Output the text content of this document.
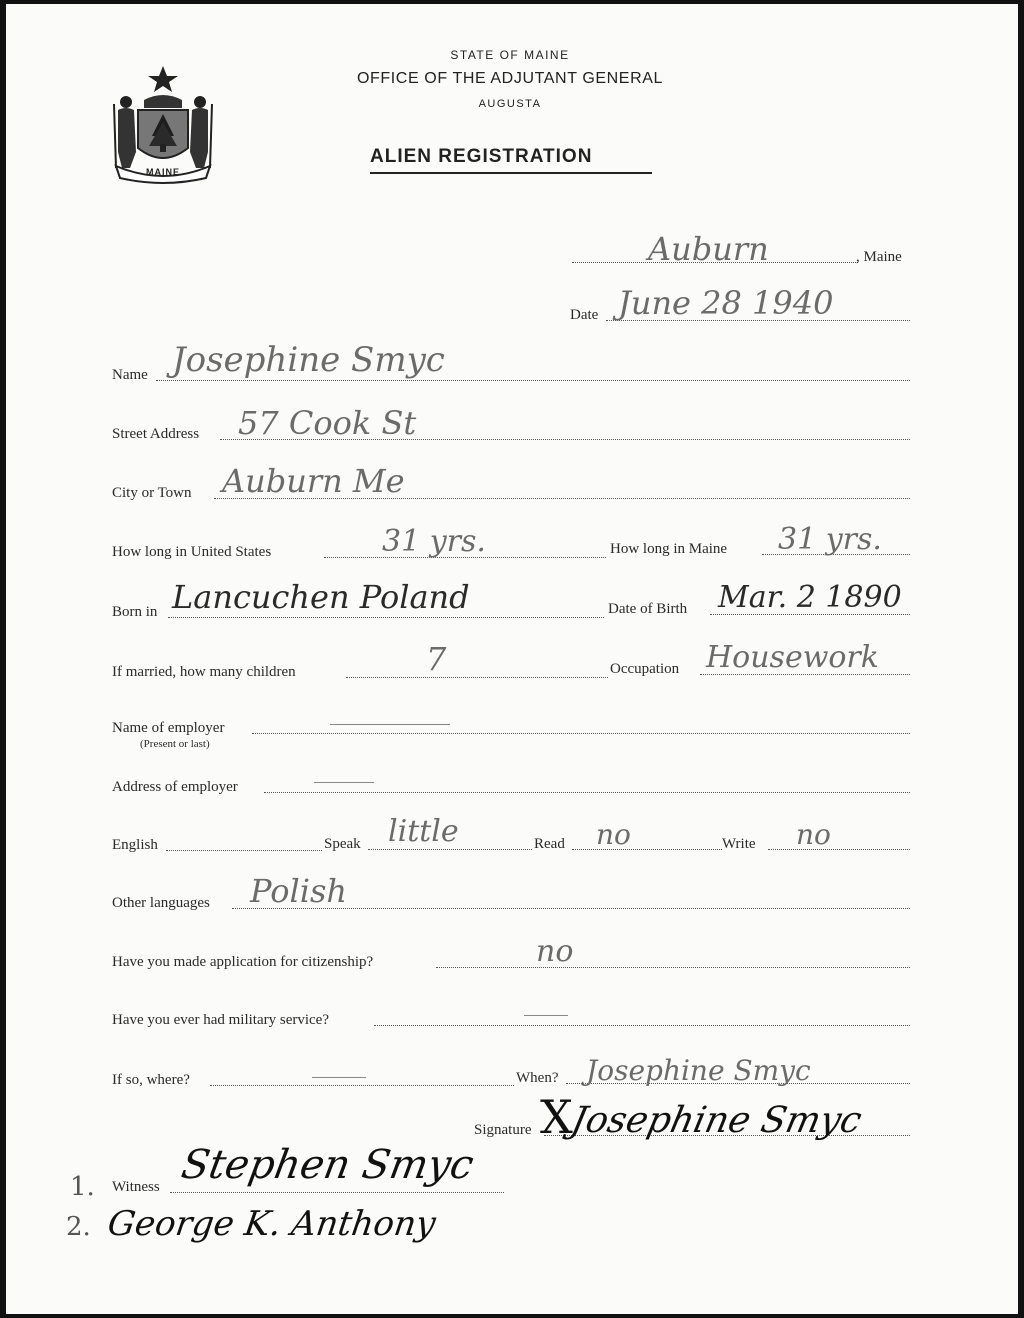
MAINE
STATE OF MAINE
OFFICE OF THE ADJUTANT GENERAL
AUGUSTA
ALIEN REGISTRATION
Auburn	, Maine
Date June 28 1940
Name Josephine Smyc
Street Address 57 Cook St
City or Town Auburn Me
How long in United States	31 yrs.	How long in Maine 31 yrs.
Born in Lancuchen Poland	Date of Birth Mar. 2 1890
If married, how many children	7	Occupation Housework
Name of employer
(Present or last)
Address of employer
English	Speak little	Read no	Write no
Other languages Polish
Have you made application for citizenship?	no
Have you ever had military service?
If so, where?	When? Josephine Smyc
Signature X
Josephine Smyc
1. Witness Stephen Smyc
2. George K. Anthony
